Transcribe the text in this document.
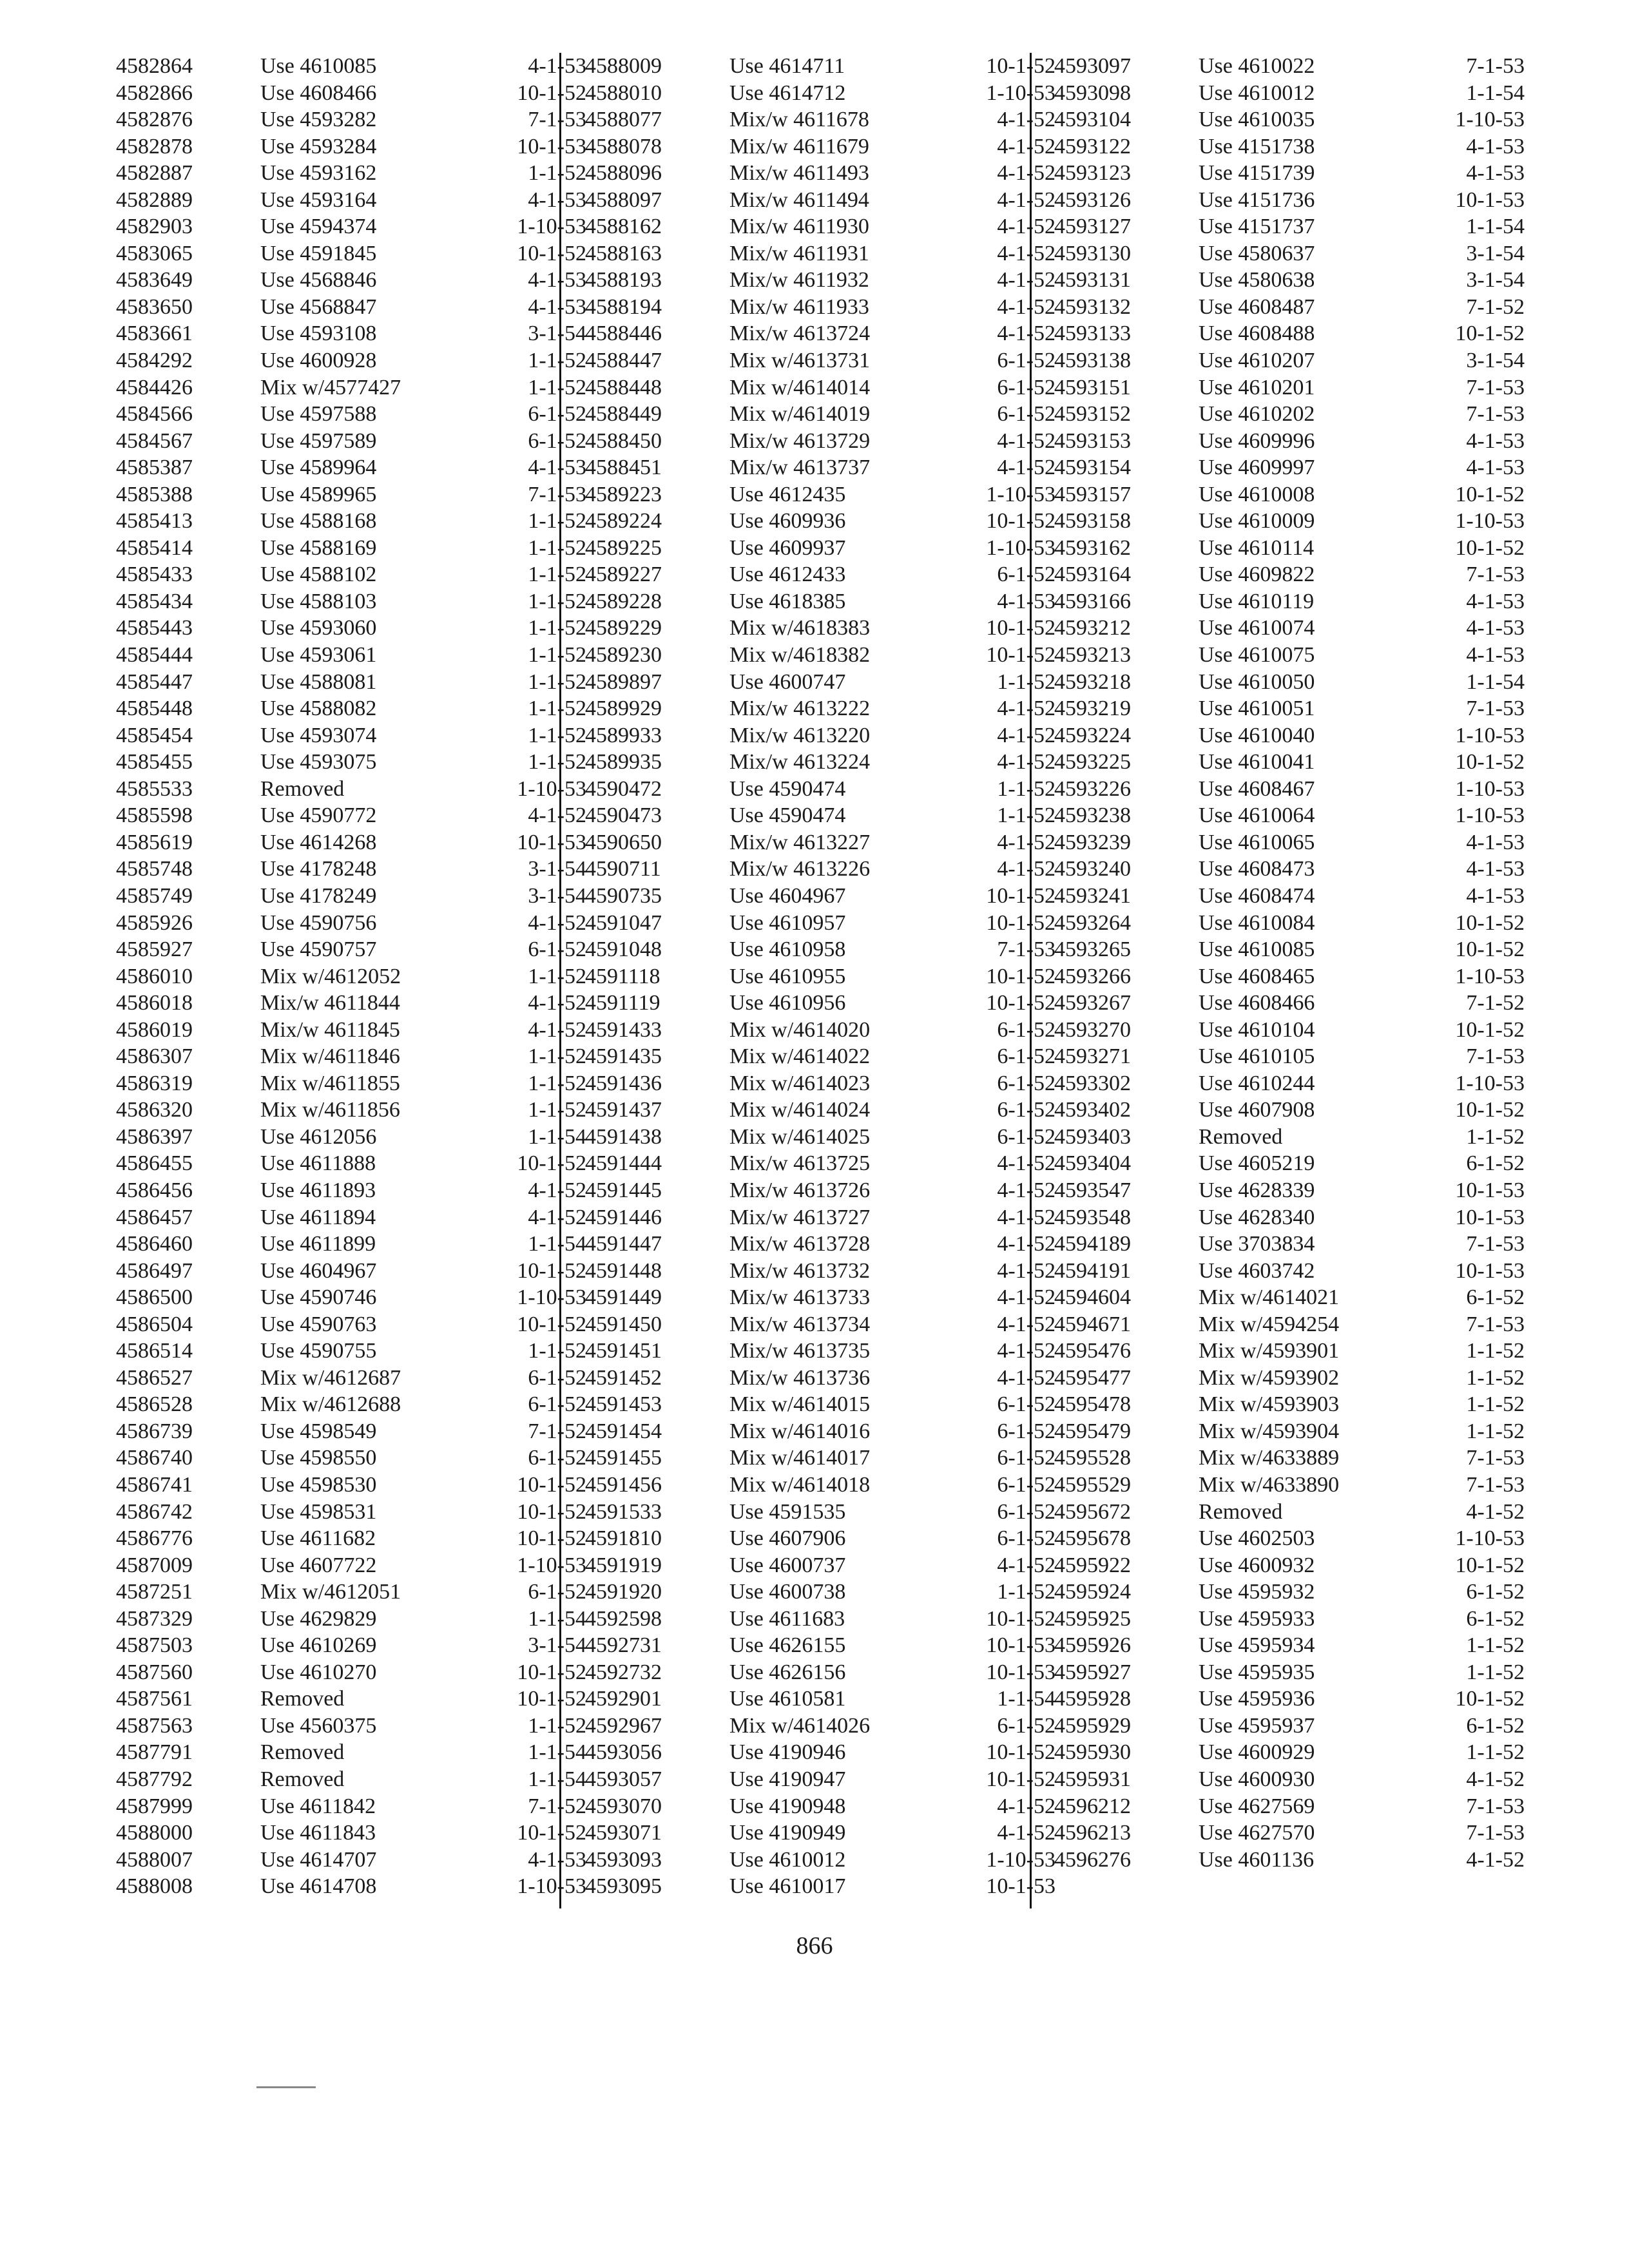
4582864	Use 4610085	4-1-53
4582866	Use 4608466	10-1-52
4582876	Use 4593282	7-1-53
4582878	Use 4593284	10-1-53
4582887	Use 4593162	1-1-52
4582889	Use 4593164	4-1-53
4582903	Use 4594374	1-10-53
4583065	Use 4591845	10-1-52
4583649	Use 4568846	4-1-53
4583650	Use 4568847	4-1-53
4583661	Use 4593108	3-1-54
4584292	Use 4600928	1-1-52
4584426	Mix w/4577427	1-1-52
4584566	Use 4597588	6-1-52
4584567	Use 4597589	6-1-52
4585387	Use 4589964	4-1-53
4585388	Use 4589965	7-1-53
4585413	Use 4588168	1-1-52
4585414	Use 4588169	1-1-52
4585433	Use 4588102	1-1-52
4585434	Use 4588103	1-1-52
4585443	Use 4593060	1-1-52
4585444	Use 4593061	1-1-52
4585447	Use 4588081	1-1-52
4585448	Use 4588082	1-1-52
4585454	Use 4593074	1-1-52
4585455	Use 4593075	1-1-52
4585533	Removed	1-10-53
4585598	Use 4590772	4-1-52
4585619	Use 4614268	10-1-53
4585748	Use 4178248	3-1-54
4585749	Use 4178249	3-1-54
4585926	Use 4590756	4-1-52
4585927	Use 4590757	6-1-52
4586010	Mix w/4612052	1-1-52
4586018	Mix/w 4611844	4-1-52
4586019	Mix/w 4611845	4-1-52
4586307	Mix w/4611846	1-1-52
4586319	Mix w/4611855	1-1-52
4586320	Mix w/4611856	1-1-52
4586397	Use 4612056	1-1-54
4586455	Use 4611888	10-1-52
4586456	Use 4611893	4-1-52
4586457	Use 4611894	4-1-52
4586460	Use 4611899	1-1-54
4586497	Use 4604967	10-1-52
4586500	Use 4590746	1-10-53
4586504	Use 4590763	10-1-52
4586514	Use 4590755	1-1-52
4586527	Mix w/4612687	6-1-52
4586528	Mix w/4612688	6-1-52
4586739	Use 4598549	7-1-52
4586740	Use 4598550	6-1-52
4586741	Use 4598530	10-1-52
4586742	Use 4598531	10-1-52
4586776	Use 4611682	10-1-52
4587009	Use 4607722	1-10-53
4587251	Mix w/4612051	6-1-52
4587329	Use 4629829	1-1-54
4587503	Use 4610269	3-1-54
4587560	Use 4610270	10-1-52
4587561	Removed	10-1-52
4587563	Use 4560375	1-1-52
4587791	Removed	1-1-54
4587792	Removed	1-1-54
4587999	Use 4611842	7-1-52
4588000	Use 4611843	10-1-52
4588007	Use 4614707	4-1-53
4588008	Use 4614708	1-10-53
4588009	Use 4614711	10-1-52
4588010	Use 4614712	1-10-53
4588077	Mix/w 4611678	4-1-52
4588078	Mix/w 4611679	4-1-52
4588096	Mix/w 4611493	4-1-52
4588097	Mix/w 4611494	4-1-52
4588162	Mix/w 4611930	4-1-52
4588163	Mix/w 4611931	4-1-52
4588193	Mix/w 4611932	4-1-52
4588194	Mix/w 4611933	4-1-52
4588446	Mix/w 4613724	4-1-52
4588447	Mix w/4613731	6-1-52
4588448	Mix w/4614014	6-1-52
4588449	Mix w/4614019	6-1-52
4588450	Mix/w 4613729	4-1-52
4588451	Mix/w 4613737	4-1-52
4589223	Use 4612435	1-10-53
4589224	Use 4609936	10-1-52
4589225	Use 4609937	1-10-53
4589227	Use 4612433	6-1-52
4589228	Use 4618385	4-1-53
4589229	Mix w/4618383	10-1-52
4589230	Mix w/4618382	10-1-52
4589897	Use 4600747	1-1-52
4589929	Mix/w 4613222	4-1-52
4589933	Mix/w 4613220	4-1-52
4589935	Mix/w 4613224	4-1-52
4590472	Use 4590474	1-1-52
4590473	Use 4590474	1-1-52
4590650	Mix/w 4613227	4-1-52
4590711	Mix/w 4613226	4-1-52
4590735	Use 4604967	10-1-52
4591047	Use 4610957	10-1-52
4591048	Use 4610958	7-1-53
4591118	Use 4610955	10-1-52
4591119	Use 4610956	10-1-52
4591433	Mix w/4614020	6-1-52
4591435	Mix w/4614022	6-1-52
4591436	Mix w/4614023	6-1-52
4591437	Mix w/4614024	6-1-52
4591438	Mix w/4614025	6-1-52
4591444	Mix/w 4613725	4-1-52
4591445	Mix/w 4613726	4-1-52
4591446	Mix/w 4613727	4-1-52
4591447	Mix/w 4613728	4-1-52
4591448	Mix/w 4613732	4-1-52
4591449	Mix/w 4613733	4-1-52
4591450	Mix/w 4613734	4-1-52
4591451	Mix/w 4613735	4-1-52
4591452	Mix/w 4613736	4-1-52
4591453	Mix w/4614015	6-1-52
4591454	Mix w/4614016	6-1-52
4591455	Mix w/4614017	6-1-52
4591456	Mix w/4614018	6-1-52
4591533	Use 4591535	6-1-52
4591810	Use 4607906	6-1-52
4591919	Use 4600737	4-1-52
4591920	Use 4600738	1-1-52
4592598	Use 4611683	10-1-52
4592731	Use 4626155	10-1-53
4592732	Use 4626156	10-1-53
4592901	Use 4610581	1-1-54
4592967	Mix w/4614026	6-1-52
4593056	Use 4190946	10-1-52
4593057	Use 4190947	10-1-52
4593070	Use 4190948	4-1-52
4593071	Use 4190949	4-1-52
4593093	Use 4610012	1-10-53
4593095	Use 4610017	10-1-53
4593097	Use 4610022	7-1-53
4593098	Use 4610012	1-1-54
4593104	Use 4610035	1-10-53
4593122	Use 4151738	4-1-53
4593123	Use 4151739	4-1-53
4593126	Use 4151736	10-1-53
4593127	Use 4151737	1-1-54
4593130	Use 4580637	3-1-54
4593131	Use 4580638	3-1-54
4593132	Use 4608487	7-1-52
4593133	Use 4608488	10-1-52
4593138	Use 4610207	3-1-54
4593151	Use 4610201	7-1-53
4593152	Use 4610202	7-1-53
4593153	Use 4609996	4-1-53
4593154	Use 4609997	4-1-53
4593157	Use 4610008	10-1-52
4593158	Use 4610009	1-10-53
4593162	Use 4610114	10-1-52
4593164	Use 4609822	7-1-53
4593166	Use 4610119	4-1-53
4593212	Use 4610074	4-1-53
4593213	Use 4610075	4-1-53
4593218	Use 4610050	1-1-54
4593219	Use 4610051	7-1-53
4593224	Use 4610040	1-10-53
4593225	Use 4610041	10-1-52
4593226	Use 4608467	1-10-53
4593238	Use 4610064	1-10-53
4593239	Use 4610065	4-1-53
4593240	Use 4608473	4-1-53
4593241	Use 4608474	4-1-53
4593264	Use 4610084	10-1-52
4593265	Use 4610085	10-1-52
4593266	Use 4608465	1-10-53
4593267	Use 4608466	7-1-52
4593270	Use 4610104	10-1-52
4593271	Use 4610105	7-1-53
4593302	Use 4610244	1-10-53
4593402	Use 4607908	10-1-52
4593403	Removed	1-1-52
4593404	Use 4605219	6-1-52
4593547	Use 4628339	10-1-53
4593548	Use 4628340	10-1-53
4594189	Use 3703834	7-1-53
4594191	Use 4603742	10-1-53
4594604	Mix w/4614021	6-1-52
4594671	Mix w/4594254	7-1-53
4595476	Mix w/4593901	1-1-52
4595477	Mix w/4593902	1-1-52
4595478	Mix w/4593903	1-1-52
4595479	Mix w/4593904	1-1-52
4595528	Mix w/4633889	7-1-53
4595529	Mix w/4633890	7-1-53
4595672	Removed	4-1-52
4595678	Use 4602503	1-10-53
4595922	Use 4600932	10-1-52
4595924	Use 4595932	6-1-52
4595925	Use 4595933	6-1-52
4595926	Use 4595934	1-1-52
4595927	Use 4595935	1-1-52
4595928	Use 4595936	10-1-52
4595929	Use 4595937	6-1-52
4595930	Use 4600929	1-1-52
4595931	Use 4600930	4-1-52
4596212	Use 4627569	7-1-53
4596213	Use 4627570	7-1-53
4596276	Use 4601136	4-1-52
866
